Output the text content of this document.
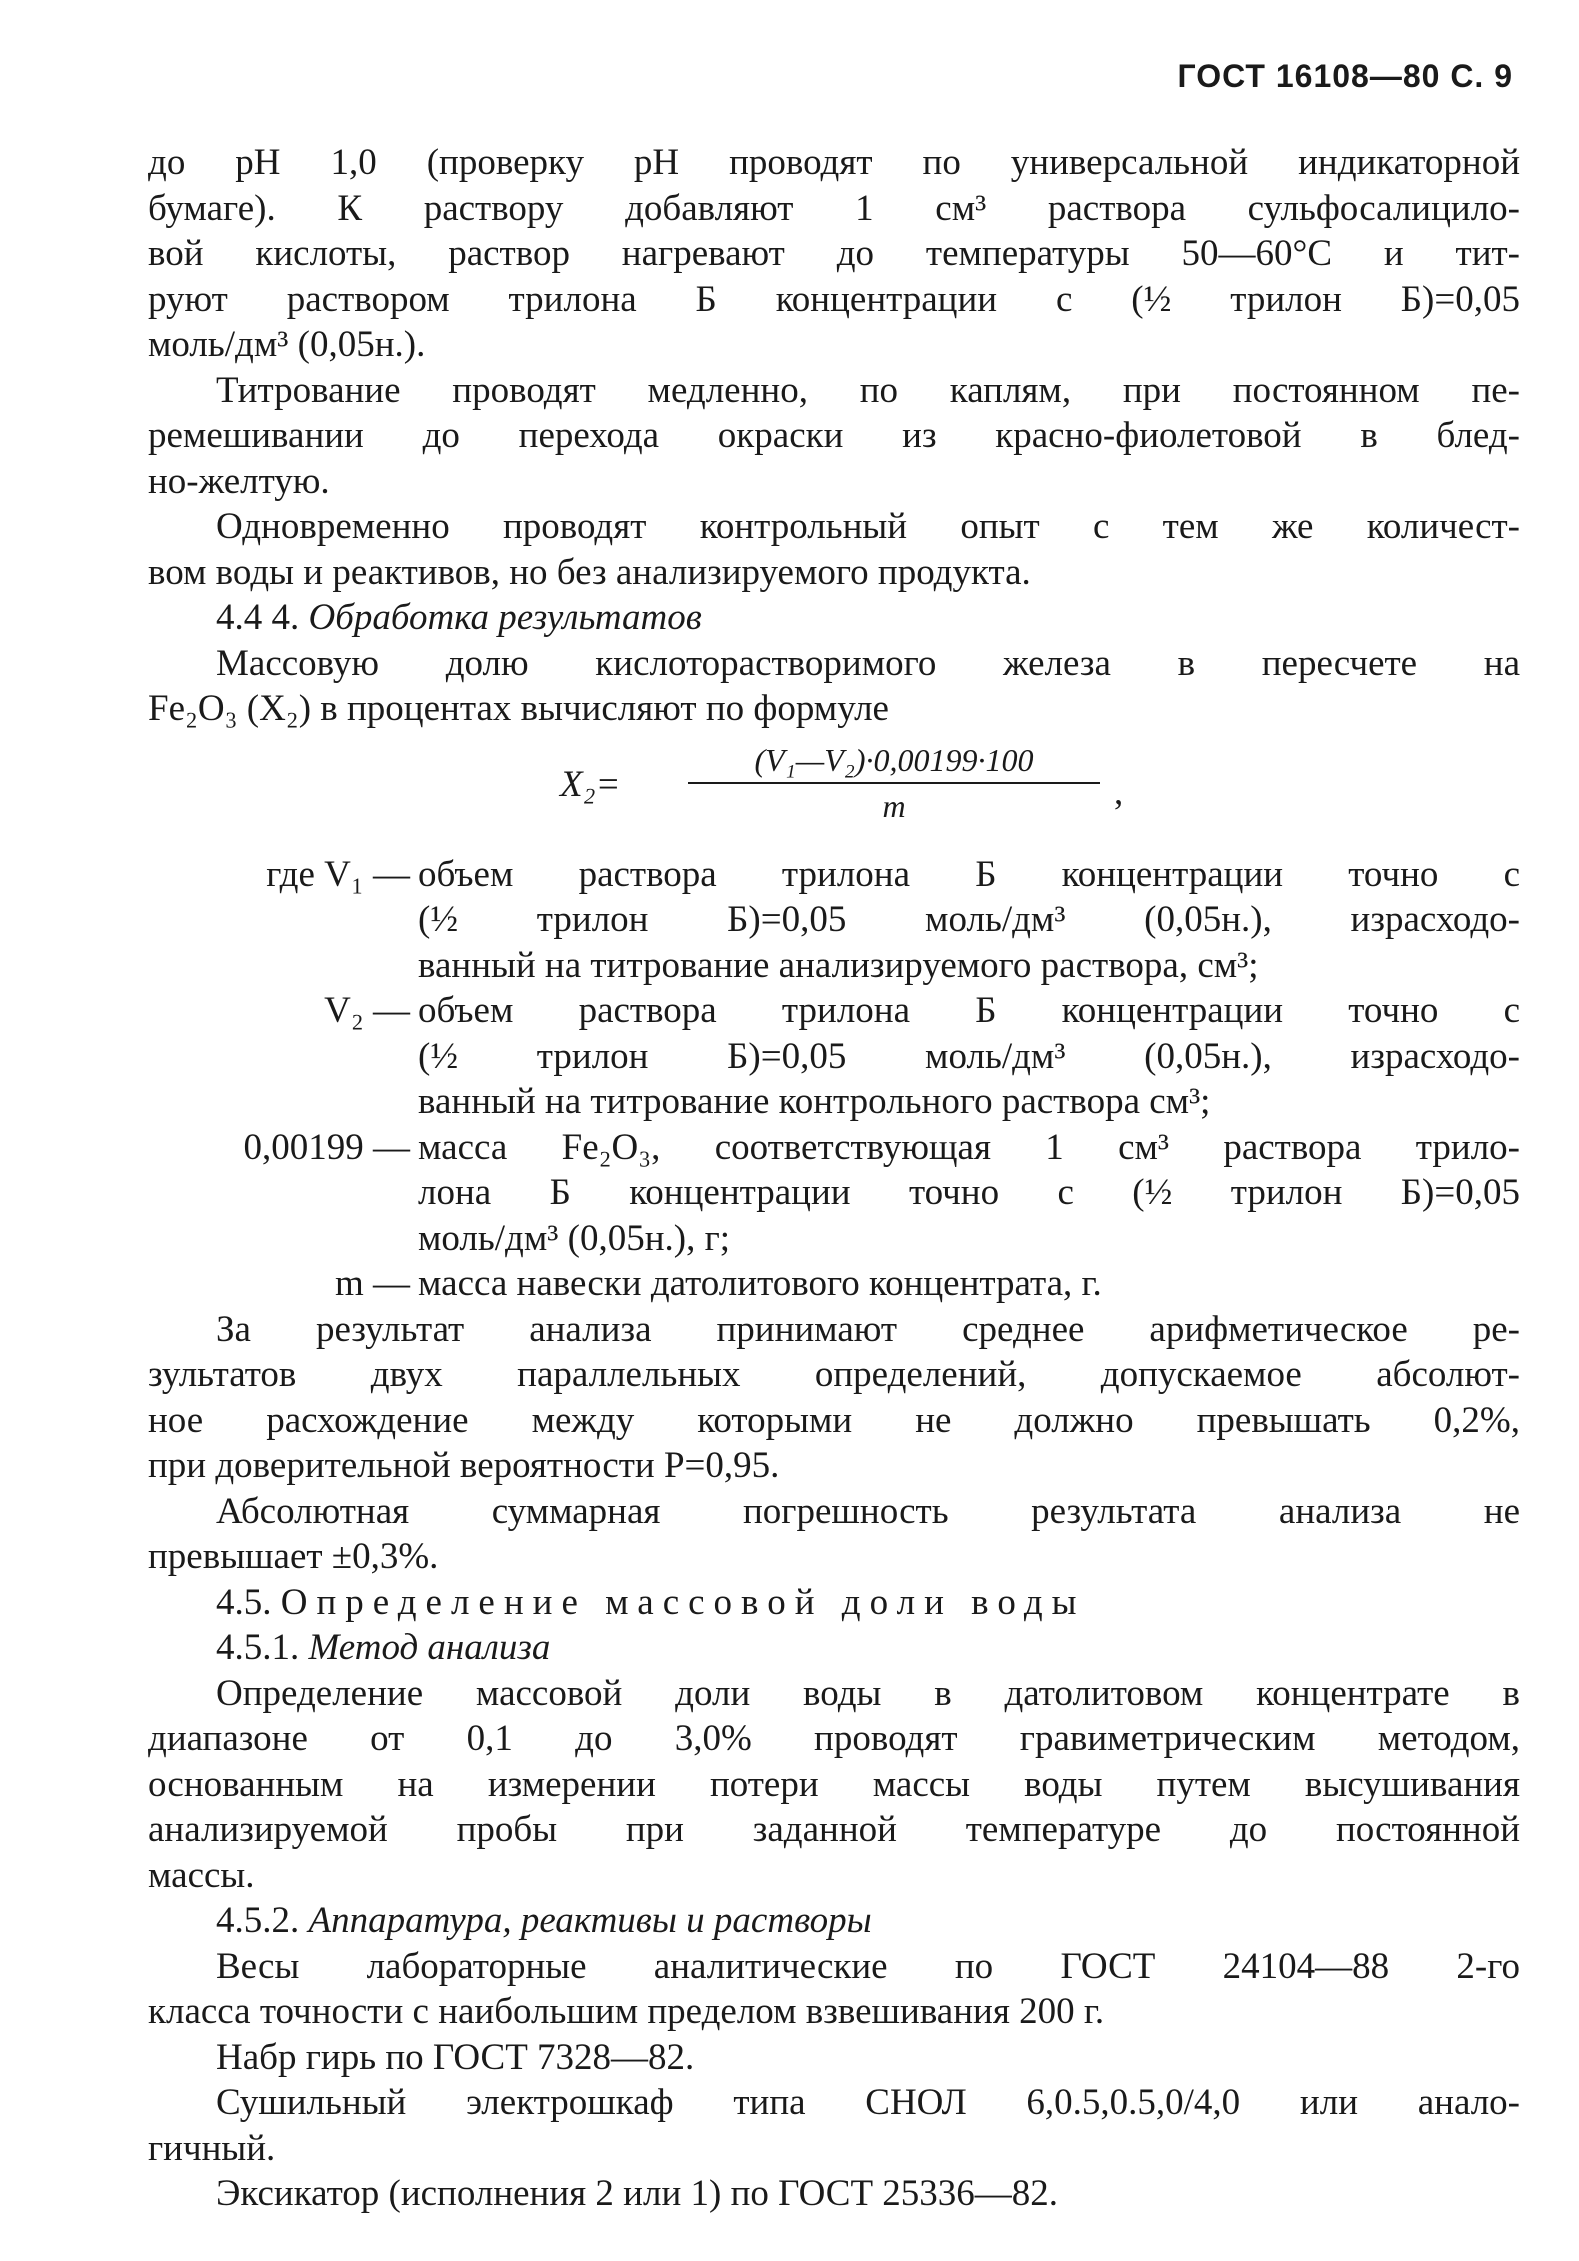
ГОСТ 16108—80 С. 9

до pH 1,0 (проверку pH проводят по универсальной индикаторной

бумаге). К раствору добавляют 1 см³ раствора сульфосалицило-

вой кислоты, раствор нагревают до температуры 50—60°С и тит-

руют раствором трилона Б концентрации c (½ трилон Б)=0,05

моль/дм³ (0,05н.).

Титрование проводят медленно, по каплям, при постоянном пе-

ремешивании до перехода окраски из красно-фиолетовой в блед-

но-желтую.

Одновременно проводят контрольный опыт с тем же количест-

вом воды и реактивов, но без анализируемого продукта.

4.4 4. Обработка результатов

Массовую долю кислоторастворимого железа в пересчете на

Fe₂O₃ (X₂) в процентах вычисляют по формуле

$X_2= \frac{\text{(V₁—V₂)·0,00199·100}}{m}$ ,
где V₁ — объем раствора трилона Б концентрации точно c

(½ трилон Б)=0,05 моль/дм³ (0,05н.), израсходо-

ванный на титрование анализируемого раствора, см³;

V₂ — объем раствора трилона Б концентрации точно c

(½ трилон Б)=0,05 моль/дм³ (0,05н.), израсходо-

ванный на титрование контрольного раствора см³;

0,00199 — масса Fe₂O₃, соответствующая 1 см³ раствора трило-

лона Б концентрации точно c (½ трилон Б)=0,05

моль/дм³ (0,05н.), г;

m — масса навески датолитового концентрата, г.

За результат анализа принимают среднее арифметическое ре-

зультатов двух параллельных определений, допускаемое абсолют-

ное расхождение между которыми не должно превышать 0,2%,

при доверительной вероятности P=0,95.

Абсолютная суммарная погрешность результата анализа не

превышает ±0,3%.

4.5. Определение массовой доли воды

4.5.1. Метод анализа

Определение массовой доли воды в датолитовом концентрате в

диапазоне от 0,1 до 3,0% проводят гравиметрическим методом,

основанным на измерении потери массы воды путем высушивания

анализируемой пробы при заданной температуре до постоянной

массы.

4.5.2. Аппаратура, реактивы и растворы

Весы лабораторные аналитические по ГОСТ 24104—88 2-го

класса точности с наибольшим пределом взвешивания 200 г.

Набр гирь по ГОСТ 7328—82.

Сушильный электрошкаф типа СНОЛ 6,0.5,0.5,0/4,0 или анало-

гичный.

Эксикатор (исполнения 2 или 1) по ГОСТ 25336—82.
